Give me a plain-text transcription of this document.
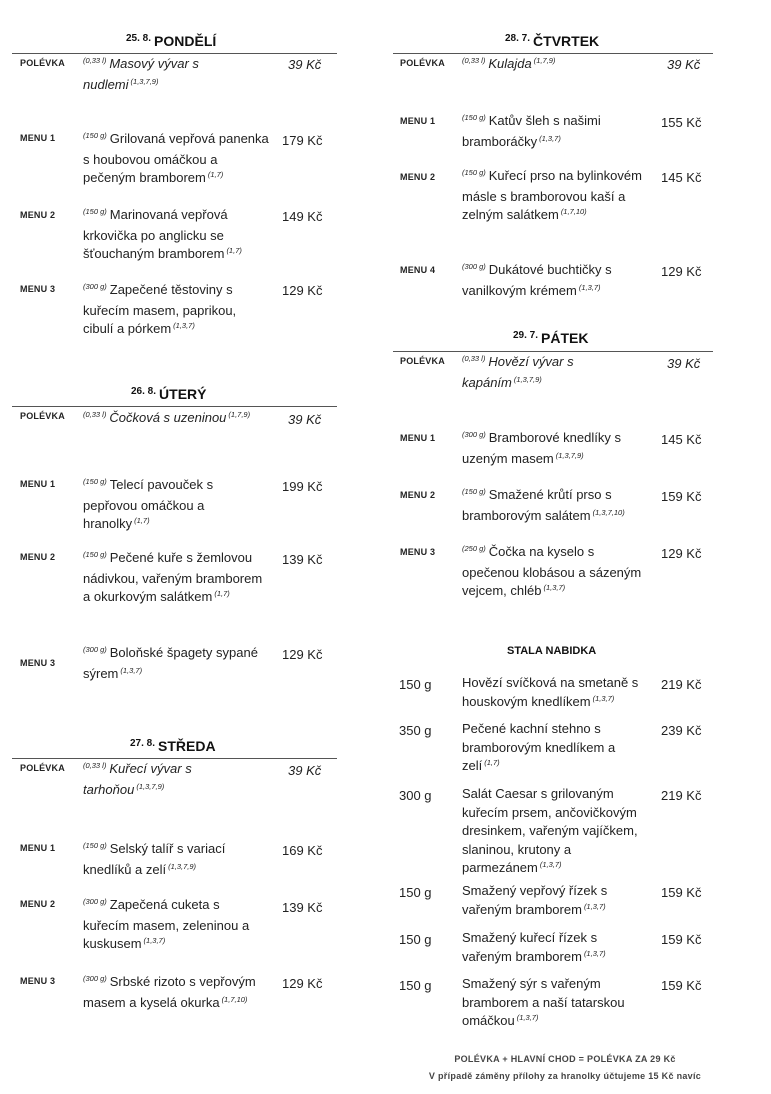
$^{25. 8.}$ PONDĚLÍ
POLÉVKA $^{(0,33 l)}$ Masový vývar s nudlemi $^{(1,3,7,9)}$
39 Kč
MENU 1	$^{(150 g)}$ Grilovaná vepřová panenka s houbovou omáčkou a pečeným bramborem $^{(1,7)}$
179 Kč
MENU 2	$^{(150 g)}$ Marinovaná vepřová krkovička po anglicku se šťouchaným bramborem $^{(1,7)}$
149 Kč
MENU 3	$^{(300 g)}$ Zapečené těstoviny s kuřecím masem, paprikou, cibulí a pórkem $^{(1,3,7)}$
129 Kč
$^{26. 8.}$ ÚTERÝ
POLÉVKA $^{(0,33 l)}$ Čočková s uzeninou $^{(1,7,9)}$	39 Kč
MENU 1	$^{(150 g)}$ Telecí pavouček s pepřovou omáčkou a hranolky $^{(1,7)}$
199 Kč
MENU 2	$^{(150 g)}$ Pečené kuře s žemlovou nádivkou, vařeným bramborem a okurkovým salátkem $^{(1,7)}$
139 Kč
MENU 3
$^{(300 g)}$ Boloňské špagety sypané sýrem $^{(1,3,7)}$
129 Kč
$^{27. 8.}$ STŘEDA
POLÉVKA $^{(0,33 l)}$ Kuřecí vývar s tarhoňou $^{(1,3,7,9)}$
39 Kč
MENU 1	$^{(150 g)}$ Selský talíř s variací knedlíků a zelí $^{(1,3,7,9)}$
169 Kč
MENU 2	$^{(300 g)}$ Zapečená cuketa s kuřecím masem, zeleninou a kuskusem $^{(1,3,7)}$
139 Kč
MENU 3	$^{(300 g)}$ Srbské rizoto s vepřovým masem a kyselá okurka $^{(1,7,10)}$
129 Kč
$^{28. 7.}$ ČTVRTEK
POLÉVKA $^{(0,33 l)}$ Kulajda $^{(1,7,9)}$	39 Kč
MENU 1	$^{(150 g)}$ Katův šleh s našimi bramboráčky $^{(1,3,7)}$
155 Kč
MENU 2	$^{(150 g)}$ Kuřecí prso na bylinkovém másle s bramborovou kaší a zelným salátkem $^{(1,7,10)}$
145 Kč
MENU 4	$^{(300 g)}$ Dukátové buchtičky s vanilkovým krémem $^{(1,3,7)}$
129 Kč
$^{29. 7.}$ PÁTEK
POLÉVKA $^{(0,33 l)}$ Hovězí vývar s kapáním $^{(1,3,7,9)}$
39 Kč
MENU 1	$^{(300 g)}$ Bramborové knedlíky s uzeným masem $^{(1,3,7,9)}$
145 Kč
MENU 2	$^{(150 g)}$ Smažené krůtí prso s bramborovým salátem $^{(1,3,7,10)}$
159 Kč
MENU 3	$^{(250 g)}$ Čočka na kyselo s opečenou klobásou a sázeným vejcem, chléb $^{(1,3,7)}$
129 Kč
STALA NABIDKA
150 g Hovězí svíčková na smetaně s houskovým knedlíkem $^{(1,3,7)}$
219 Kč
350 g Pečené kachní stehno s bramborovým knedlíkem a zelí $^{(1,7)}$
239 Kč
300 g Salát Caesar s grilovaným kuřecím prsem, ančovičkovým dresinkem, vařeným vajíčkem, slaninou, krutony a parmezánem $^{(1,3,7)}$
219 Kč
150 g Smažený vepřový řízek s vařeným bramborem $^{(1,3,7)}$
159 Kč
150 g Smažený kuřecí řízek s vařeným bramborem $^{(1,3,7)}$
159 Kč
150 g Smažený sýr s vařeným bramborem a naší tatarskou omáčkou $^{(1,3,7)}$
159 Kč
POLÉVKA + HLAVNÍ CHOD = POLÉVKA ZA 29 Kč
V případě záměny přílohy za hranolky účtujeme 15 Kč navíc
